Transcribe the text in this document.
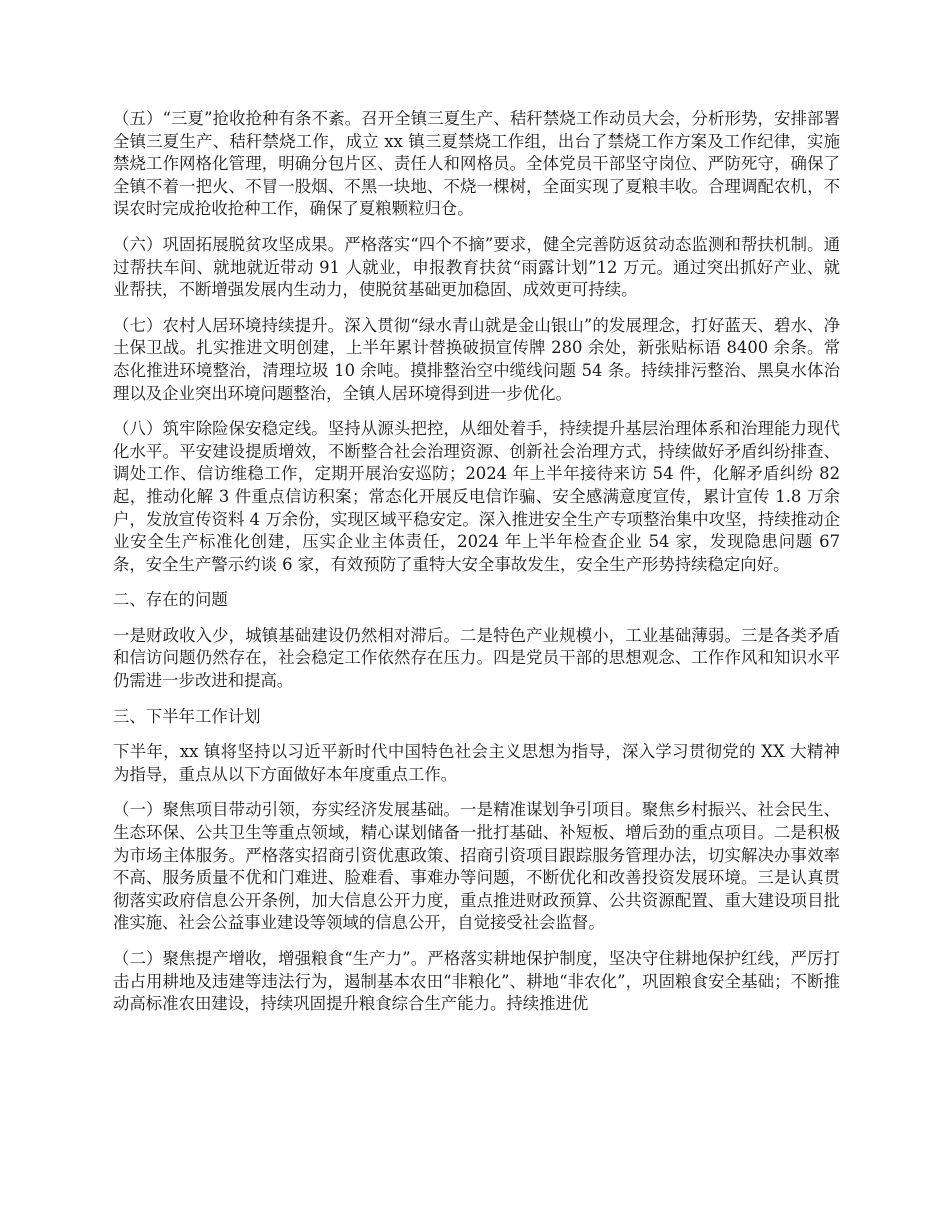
（五）“三夏”抢收抢种有条不紊。召开全镇三夏生产、秸秆禁烧工作动员大会，分析形势，安排部署全镇三夏生产、秸秆禁烧工作，成立 xx 镇三夏禁烧工作组，出台了禁烧工作方案及工作纪律，实施禁烧工作网格化管理，明确分包片区、责任人和网格员。全体党员干部坚守岗位、严防死守，确保了全镇不着一把火、不冒一股烟、不黑一块地、不烧一棵树，全面实现了夏粮丰收。合理调配农机，不误农时完成抢收抢种工作，确保了夏粮颗粒归仓。

（六）巩固拓展脱贫攻坚成果。严格落实“四个不摘”要求，健全完善防返贫动态监测和帮扶机制。通过帮扶车间、就地就近带动 91 人就业，申报教育扶贫“雨露计划”12 万元。通过突出抓好产业、就业帮扶，不断增强发展内生动力，使脱贫基础更加稳固、成效更可持续。

（七）农村人居环境持续提升。深入贯彻“绿水青山就是金山银山”的发展理念，打好蓝天、碧水、净土保卫战。扎实推进文明创建，上半年累计替换破损宣传牌 280 余处，新张贴标语 8400 余条。常态化推进环境整治，清理垃圾 10 余吨。摸排整治空中缆线问题 54 条。持续排污整治、黑臭水体治理以及企业突出环境问题整治，全镇人居环境得到进一步优化。

（八）筑牢除险保安稳定线。坚持从源头把控，从细处着手，持续提升基层治理体系和治理能力现代化水平。平安建设提质增效，不断整合社会治理资源、创新社会治理方式，持续做好矛盾纠纷排查、调处工作、信访维稳工作，定期开展治安巡防；2024 年上半年接待来访 54 件，化解矛盾纠纷 82 起，推动化解 3 件重点信访积案；常态化开展反电信诈骗、安全感满意度宣传，累计宣传 1.8 万余户，发放宣传资料 4 万余份，实现区域平稳安定。深入推进安全生产专项整治集中攻坚，持续推动企业安全生产标准化创建，压实企业主体责任，2024 年上半年检查企业 54 家，发现隐患问题 67 条，安全生产警示约谈 6 家，有效预防了重特大安全事故发生，安全生产形势持续稳定向好。

二、存在的问题

一是财政收入少，城镇基础建设仍然相对滞后。二是特色产业规模小，工业基础薄弱。三是各类矛盾和信访问题仍然存在，社会稳定工作依然存在压力。四是党员干部的思想观念、工作作风和知识水平仍需进一步改进和提高。

三、下半年工作计划

下半年，xx 镇将坚持以习近平新时代中国特色社会主义思想为指导，深入学习贯彻党的 XX 大精神为指导，重点从以下方面做好本年度重点工作。

（一）聚焦项目带动引领，夯实经济发展基础。一是精准谋划争引项目。聚焦乡村振兴、社会民生、生态环保、公共卫生等重点领域，精心谋划储备一批打基础、补短板、增后劲的重点项目。二是积极为市场主体服务。严格落实招商引资优惠政策、招商引资项目跟踪服务管理办法，切实解决办事效率不高、服务质量不优和门难进、脸难看、事难办等问题，不断优化和改善投资发展环境。三是认真贯彻落实政府信息公开条例，加大信息公开力度，重点推进财政预算、公共资源配置、重大建设项目批准实施、社会公益事业建设等领域的信息公开，自觉接受社会监督。

（二）聚焦提产增收，增强粮食“生产力”。严格落实耕地保护制度，坚决守住耕地保护红线，严厉打击占用耕地及违建等违法行为，遏制基本农田“非粮化”、耕地“非农化”，巩固粮食安全基础；不断推动高标准农田建设，持续巩固提升粮食综合生产能力。持续推进优
